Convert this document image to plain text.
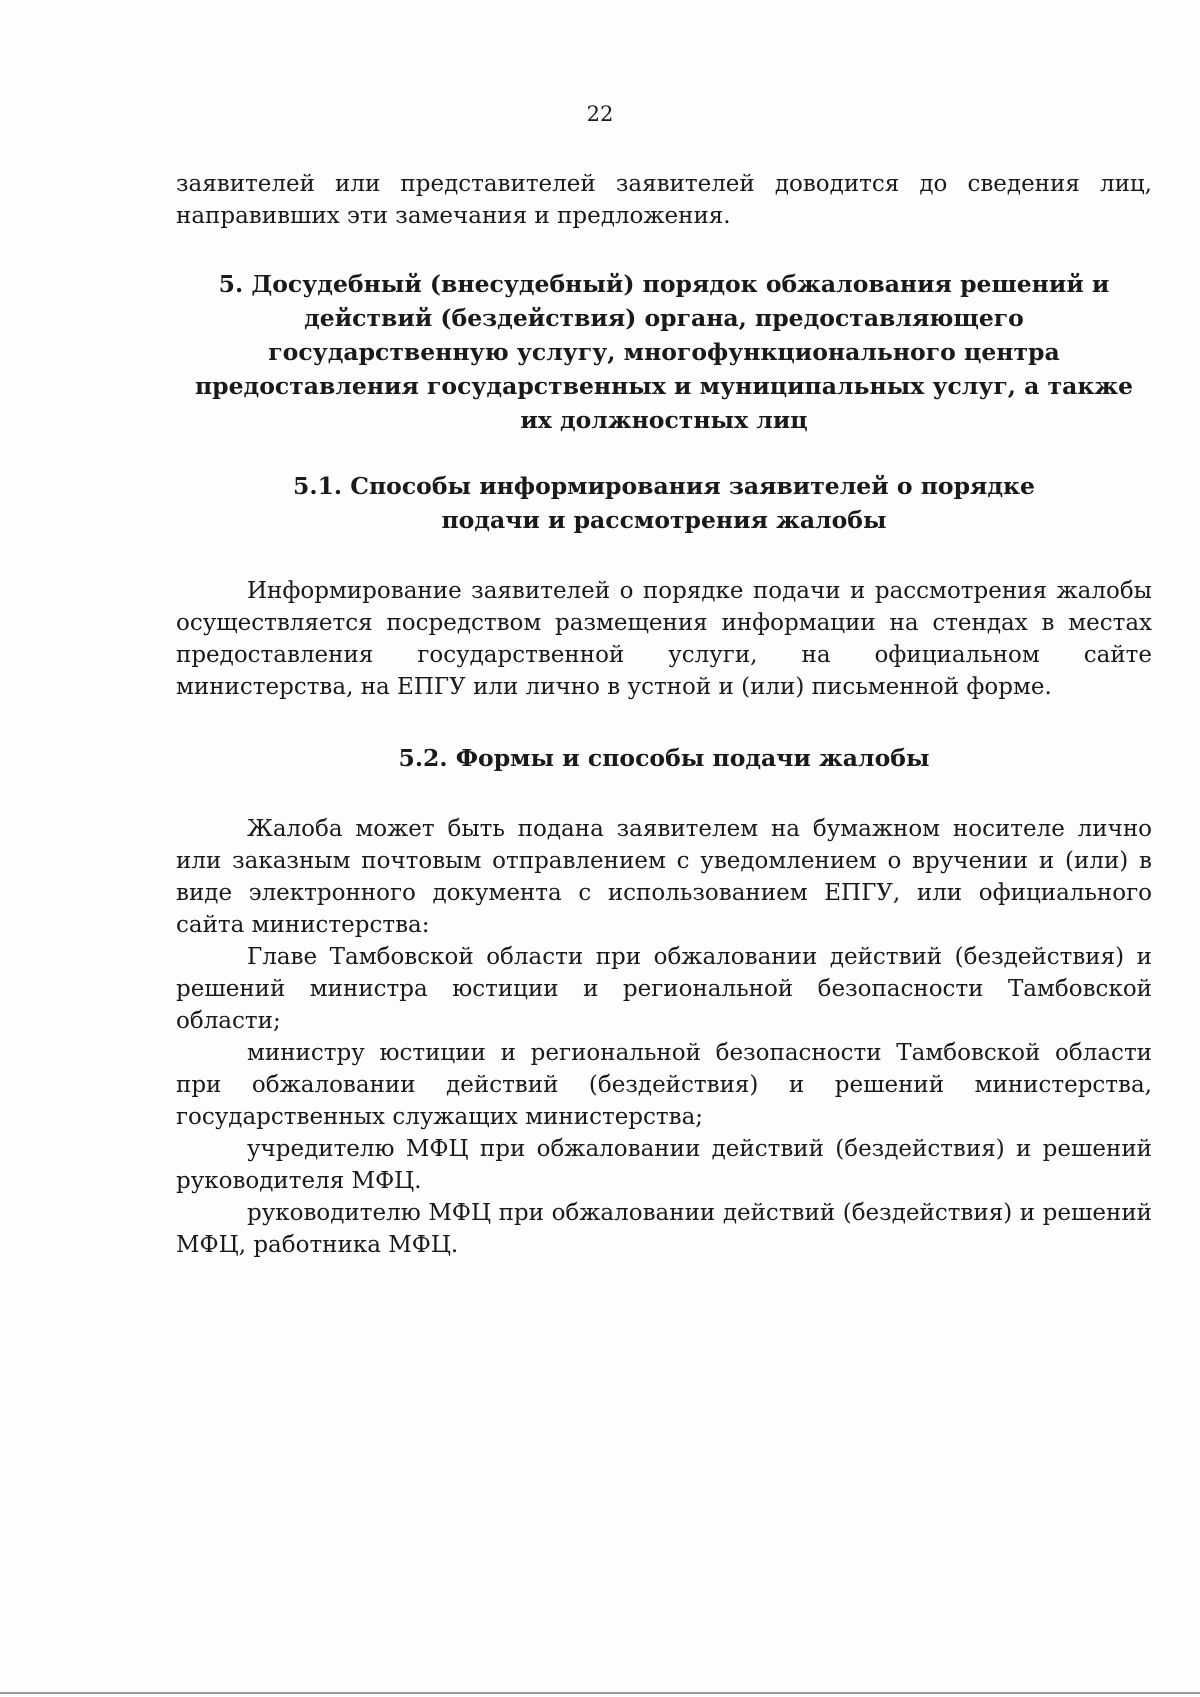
22

заявителей или представителей заявителей доводится до сведения лиц, направивших эти замечания и предложения.

5. Досудебный (внесудебный) порядок обжалования решений и действий (бездействия) органа, предоставляющего государственную услугу, многофункционального центра предоставления государственных и муниципальных услуг, а также их должностных лиц
5.1. Способы информирования заявителей о порядке подачи и рассмотрения жалобы

Информирование заявителей о порядке подачи и рассмотрения жалобы осуществляется посредством размещения информации на стендах в местах предоставления государственной услуги, на официальном сайте министерства, на ЕПГУ или лично в устной и (или) письменной форме.

5.2. Формы и способы подачи жалобы

Жалоба может быть подана заявителем на бумажном носителе лично или заказным почтовым отправлением с уведомлением о вручении и (или) в виде электронного документа с использованием ЕПГУ, или официального сайта министерства:

Главе Тамбовской области при обжаловании действий (бездействия) и решений министра юстиции и региональной безопасности Тамбовской области;

министру юстиции и региональной безопасности Тамбовской области при обжаловании действий (бездействия) и решений министерства, государственных служащих министерства;

учредителю МФЦ при обжаловании действий (бездействия) и решений руководителя МФЦ.

руководителю МФЦ при обжаловании действий (бездействия) и решений МФЦ, работника МФЦ.
